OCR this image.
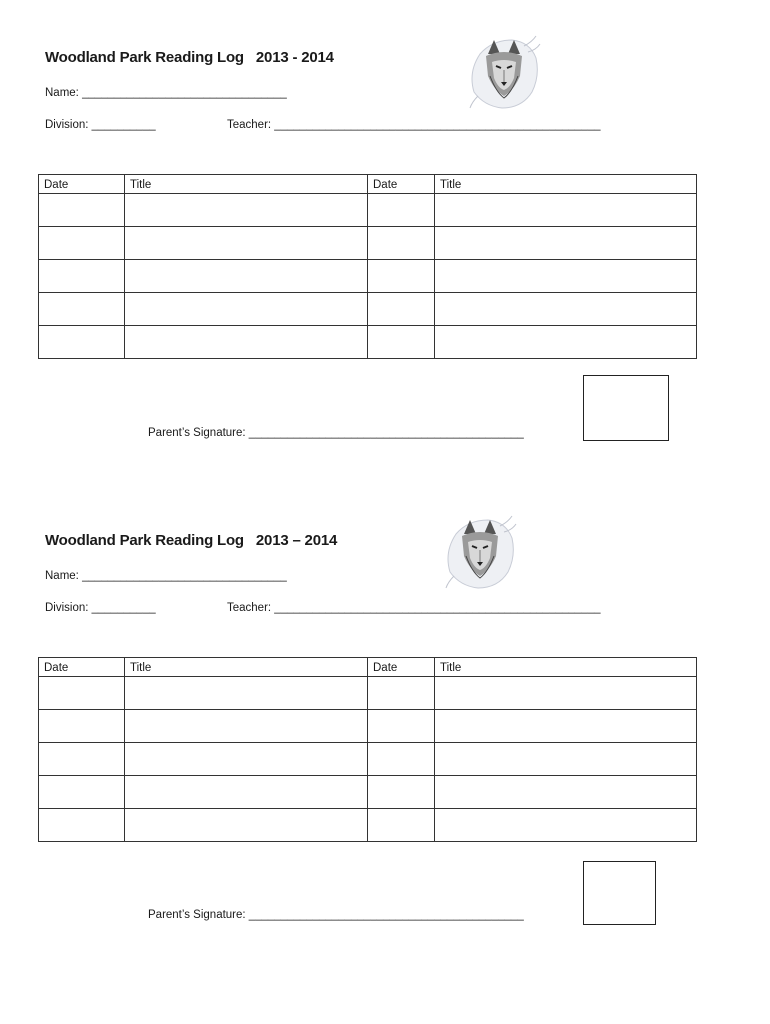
Woodland Park Reading Log 2013 - 2014
Name: ________________________________
Division: __________	Teacher: ___________________________________________________
Date	Title	Date	Title

Parent’s Signature: ___________________________________________
Woodland Park Reading Log 2013 – 2014
Name: ________________________________
Division: __________	Teacher: ___________________________________________________
Date	Title	Date	Title

Parent’s Signature: ___________________________________________
